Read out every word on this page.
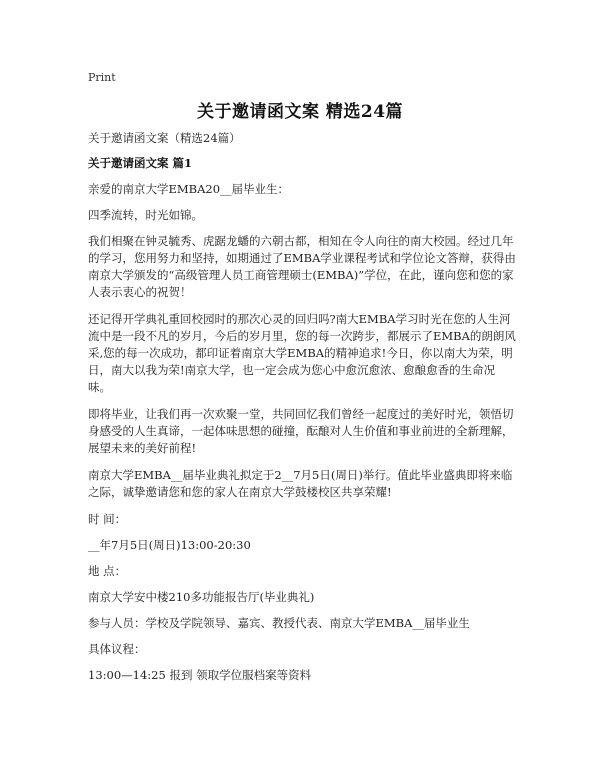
Print
关于邀请函文案 精选24篇

关于邀请函文案（精选24篇）

关于邀请函文案 篇1

亲爱的南京大学EMBA20__届毕业生：

四季流转，时光如锦。

我们相聚在钟灵毓秀、虎踞龙蟠的六朝古都，相知在令人向往的南大校园。经过几年的学习，您用努力和坚持，如期通过了EMBA学业课程考试和学位论文答辩，获得由南京大学颁发的“高级管理人员工商管理硕士(EMBA)”学位，在此，谨向您和您的家人表示衷心的祝贺！

还记得开学典礼重回校园时的那次心灵的回归吗?南大EMBA学习时光在您的人生河流中是一段不凡的岁月，今后的岁月里，您的每一次跨步，都展示了EMBA的朗朗风采,您的每一次成功，都印证着南京大学EMBA的精神追求!今日，你以南大为荣，明日，南大以我为荣!南京大学，也一定会成为您心中愈沉愈浓、愈酿愈香的生命况味。

即将毕业，让我们再一次欢聚一堂，共同回忆我们曾经一起度过的美好时光，领悟切身感受的人生真谛，一起体味思想的碰撞，酝酿对人生价值和事业前进的全新理解，展望未来的美好前程!

南京大学EMBA__届毕业典礼拟定于2__7月5日(周日)举行。值此毕业盛典即将来临之际，诚挚邀请您和您的家人在南京大学鼓楼校区共享荣耀!

时 间：

__年7月5日(周日)13:00-20:30

地 点：

南京大学安中楼210多功能报告厅(毕业典礼)

参与人员：学校及学院领导、嘉宾、教授代表、南京大学EMBA__届毕业生

具体议程：

13:00—14:25 报到 领取学位服档案等资料
